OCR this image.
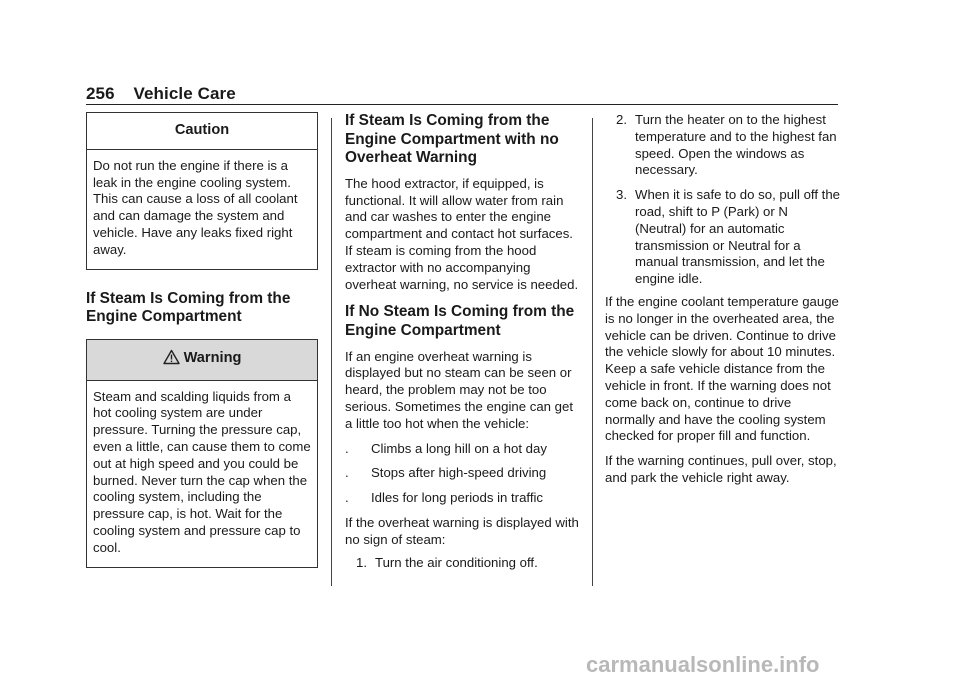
256 Vehicle Care
Caution

Do not run the engine if there is a leak in the engine cooling system. This can cause a loss of all coolant and can damage the system and vehicle. Have any leaks fixed right away.

If Steam Is Coming from the Engine Compartment
Warning

Steam and scalding liquids from a hot cooling system are under pressure. Turning the pressure cap, even a little, can cause them to come out at high speed and you could be burned. Never turn the cap when the cooling system, including the pressure cap, is hot. Wait for the cooling system and pressure cap to cool.

If Steam Is Coming from the Engine Compartment with no Overheat Warning

The hood extractor, if equipped, is functional. It will allow water from rain and car washes to enter the engine compartment and contact hot surfaces. If steam is coming from the hood extractor with no accompanying overheat warning, no service is needed.

If No Steam Is Coming from the Engine Compartment

If an engine overheat warning is displayed but no steam can be seen or heard, the problem may not be too serious. Sometimes the engine can get a little too hot when the vehicle:

.	Climbs a long hill on a hot day
.	Stops after high-speed driving
.	Idles for long periods in traffic

If the overheat warning is displayed with no sign of steam:

1. Turn the air conditioning off.
2. Turn the heater on to the highest temperature and to the highest fan speed. Open the windows as necessary.
3. When it is safe to do so, pull off the road, shift to P (Park) or N (Neutral) for an automatic transmission or Neutral for a manual transmission, and let the engine idle.

If the engine coolant temperature gauge is no longer in the overheated area, the vehicle can be driven. Continue to drive the vehicle slowly for about 10 minutes. Keep a safe vehicle distance from the vehicle in front. If the warning does not come back on, continue to drive normally and have the cooling system checked for proper fill and function.

If the warning continues, pull over, stop, and park the vehicle right away.

carmanualsonline.info
